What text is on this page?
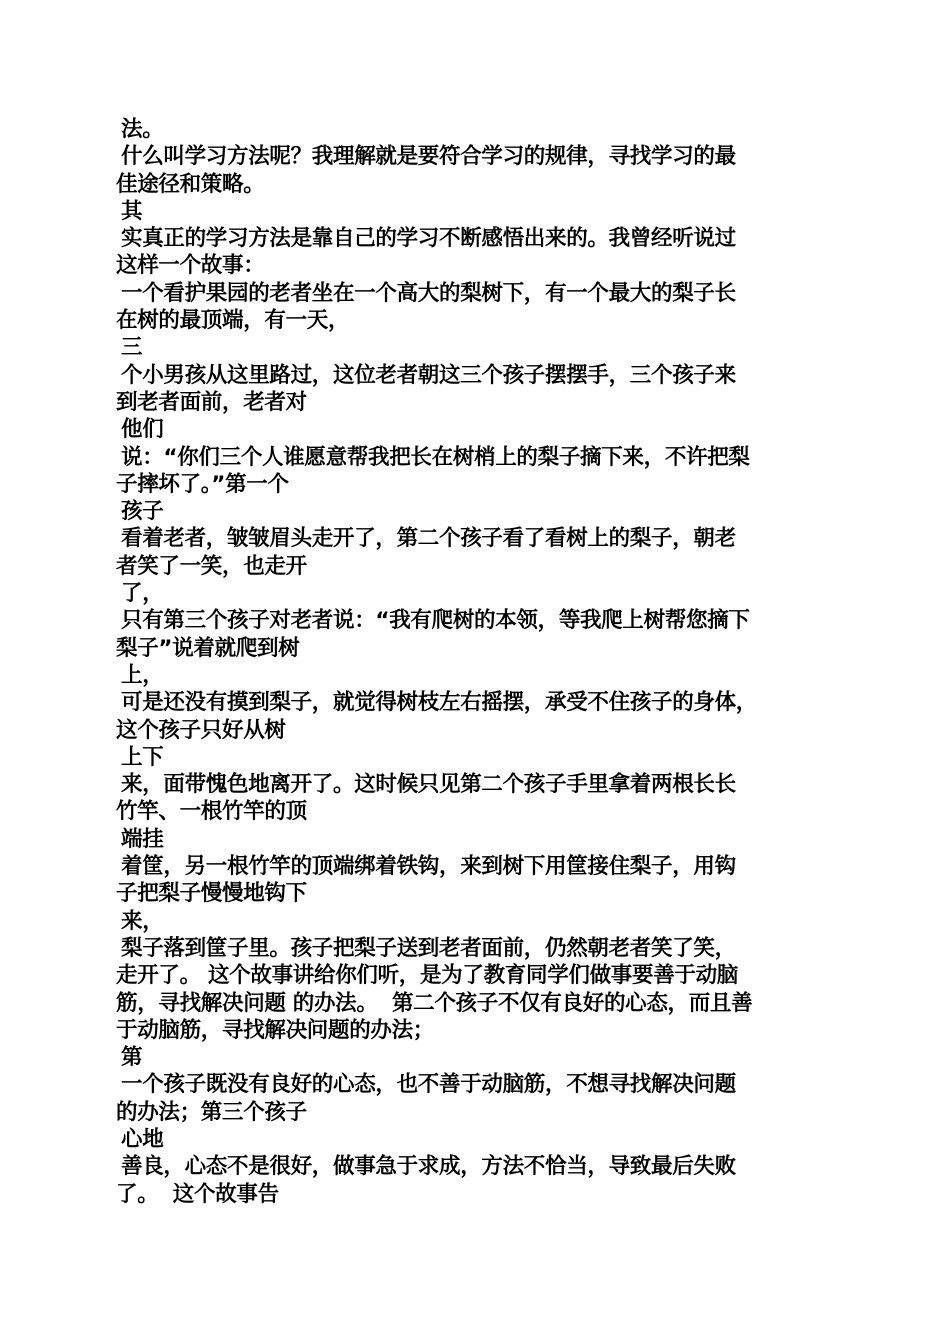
法。

什么叫学习方法呢？我理解就是要符合学习的规律，寻找学习的最
佳途径和策略。

其

实真正的学习方法是靠自己的学习不断感悟出来的。我曾经听说过
这样一个故事：

一个看护果园的老者坐在一个高大的梨树下，有一个最大的梨子长
在树的最顶端，有一天，

三

个小男孩从这里路过，这位老者朝这三个孩子摆摆手，三个孩子来
到老者面前，老者对

他们

说：“你们三个人谁愿意帮我把长在树梢上的梨子摘下来，不许把梨
子摔坏了。”第一个

孩子

看着老者，皱皱眉头走开了，第二个孩子看了看树上的梨子，朝老
者笑了一笑，也走开

了，

只有第三个孩子对老者说：“我有爬树的本领，等我爬上树帮您摘下
梨子”说着就爬到树

上，

可是还没有摸到梨子，就觉得树枝左右摇摆，承受不住孩子的身体，
这个孩子只好从树

上下

来，面带愧色地离开了。这时候只见第二个孩子手里拿着两根长长
竹竿、一根竹竿的顶

端挂

着筐，另一根竹竿的顶端绑着铁钩，来到树下用筐接住梨子，用钩
子把梨子慢慢地钩下

来，

梨子落到筐子里。孩子把梨子送到老者面前，仍然朝老者笑了笑，
走开了。 这个故事讲给你们听，是为了教育同学们做事要善于动脑
筋，寻找解决问题 的办法。  第二个孩子不仅有良好的心态，而且善
于动脑筋，寻找解决问题的办法；

第

一个孩子既没有良好的心态，也不善于动脑筋，不想寻找解决问题
的办法；第三个孩子

心地

善良，心态不是很好，做事急于求成，方法不恰当，导致最后失败
了。  这个故事告
